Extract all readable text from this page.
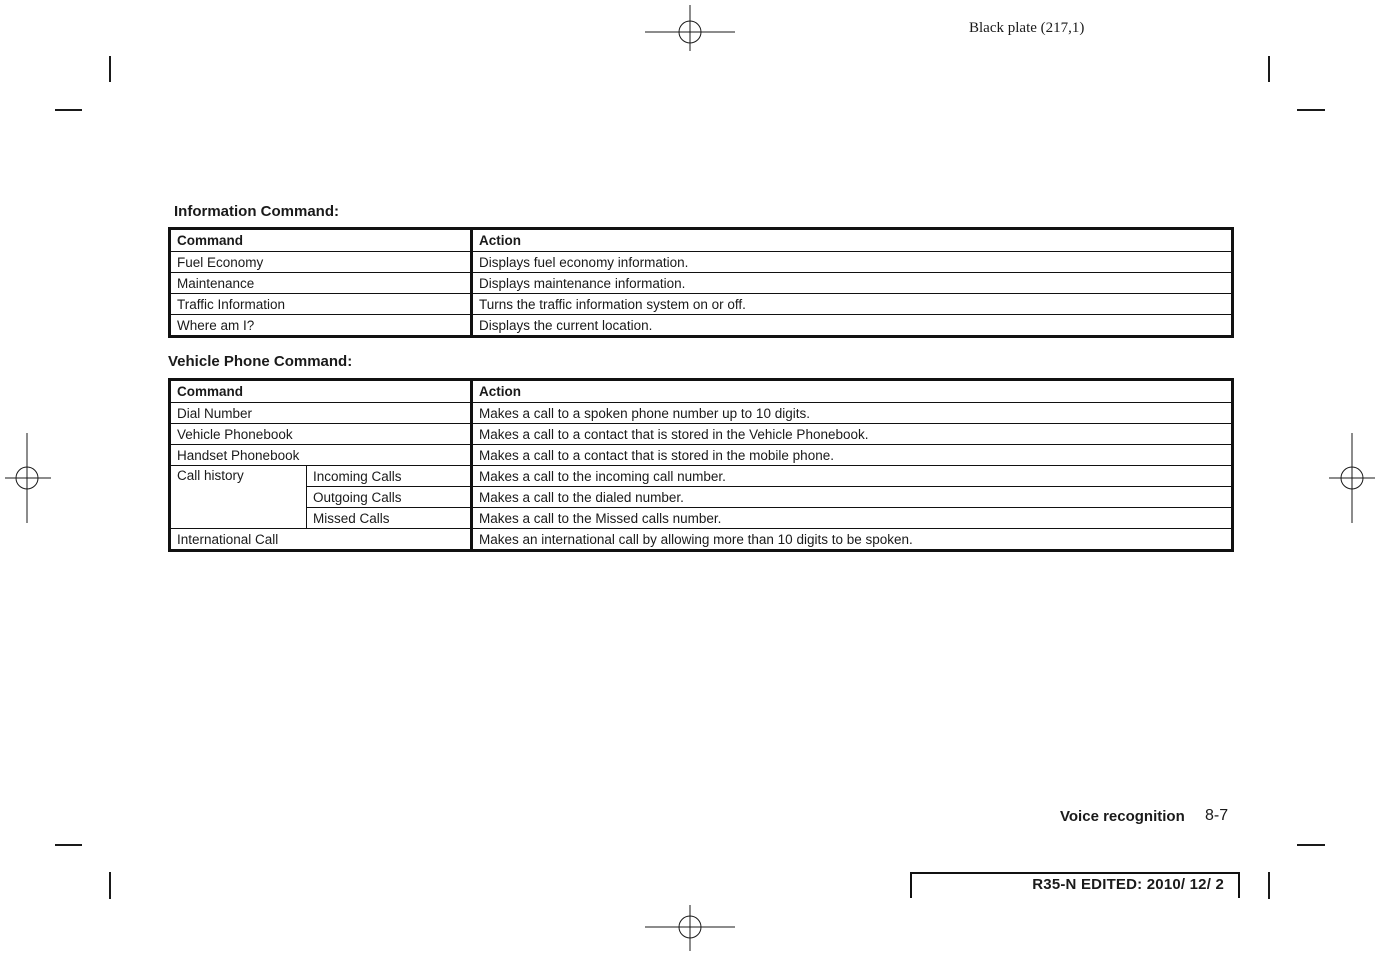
Black plate (217,1)
Information Command:
Command	Action
Fuel Economy	Displays fuel economy information.
Maintenance	Displays maintenance information.
Traffic Information	Turns the traffic information system on or off.
Where am I?	Displays the current location.
Vehicle Phone Command:
Command		Action
Dial Number		Makes a call to a spoken phone number up to 10 digits.
Vehicle Phonebook		Makes a call to a contact that is stored in the Vehicle Phonebook.
Handset Phonebook		Makes a call to a contact that is stored in the mobile phone.
Call history	Incoming Calls	Makes a call to the incoming call number.
	Outgoing Calls	Makes a call to the dialed number.
	Missed Calls	Makes a call to the Missed calls number.
International Call		Makes an international call by allowing more than 10 digits to be spoken.
Voice recognition 8-7
R35-N EDITED: 2010/ 12/ 2
